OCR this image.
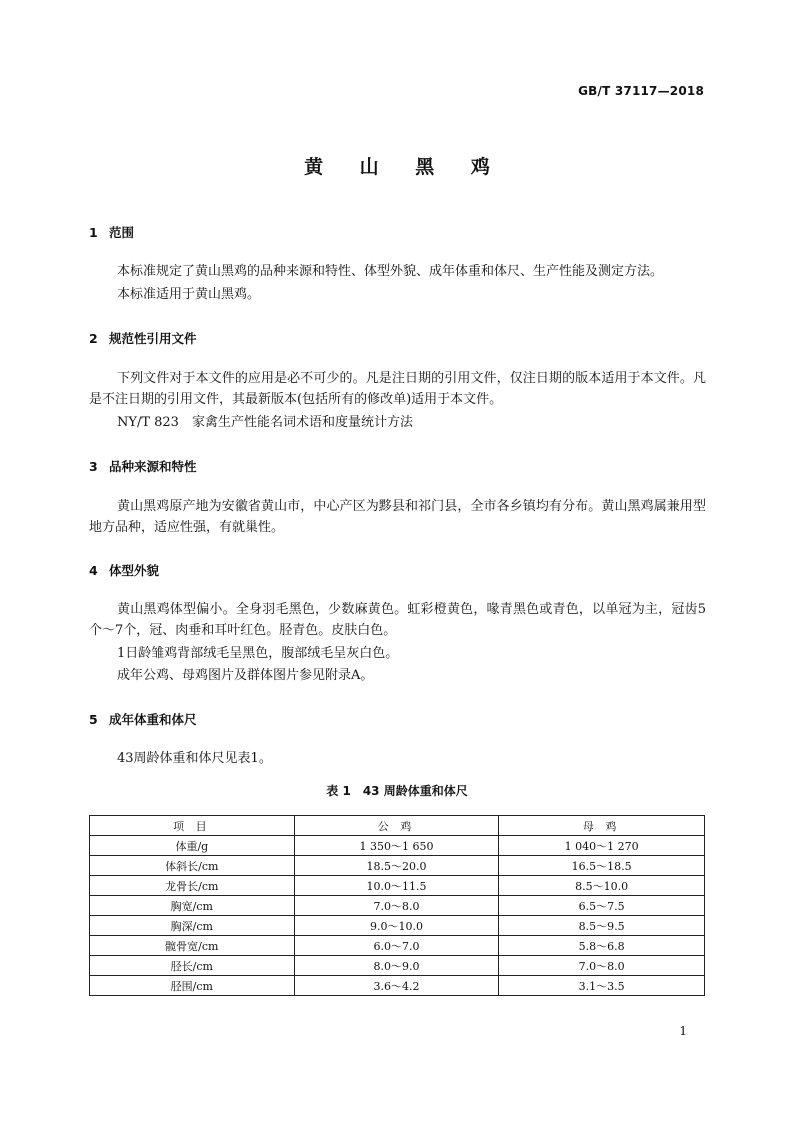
GB/T 37117—2018
黄 山 黑 鸡
1 范围
本标准规定了黄山黑鸡的品种来源和特性、体型外貌、成年体重和体尺、生产性能及测定方法。
本标准适用于黄山黑鸡。
2 规范性引用文件
下列文件对于本文件的应用是必不可少的。凡是注日期的引用文件，仅注日期的版本适用于本文件。凡是不注日期的引用文件，其最新版本(包括所有的修改单)适用于本文件。
NY/T 823　家禽生产性能名词术语和度量统计方法
3 品种来源和特性
黄山黑鸡原产地为安徽省黄山市，中心产区为黟县和祁门县，全市各乡镇均有分布。黄山黑鸡属兼用型地方品种，适应性强，有就巢性。
4 体型外貌
黄山黑鸡体型偏小。全身羽毛黑色，少数麻黄色。虹彩橙黄色，喙青黑色或青色，以单冠为主，冠齿5个～7个，冠、肉垂和耳叶红色。胫青色。皮肤白色。
1日龄雏鸡背部绒毛呈黑色，腹部绒毛呈灰白色。
成年公鸡、母鸡图片及群体图片参见附录A。
5 成年体重和体尺
43周龄体重和体尺见表1。
表 1　43 周龄体重和体尺
项 目	公 鸡	母 鸡
体重/g	1 350～1 650	1 040～1 270
体斜长/cm	18.5～20.0	16.5～18.5
龙骨长/cm	10.0～11.5	8.5～10.0
胸宽/cm	7.0～8.0	6.5～7.5
胸深/cm	9.0～10.0	8.5～9.5
髋骨宽/cm	6.0～7.0	5.8～6.8
胫长/cm	8.0～9.0	7.0～8.0
胫围/cm	3.6～4.2	3.1～3.5
1
